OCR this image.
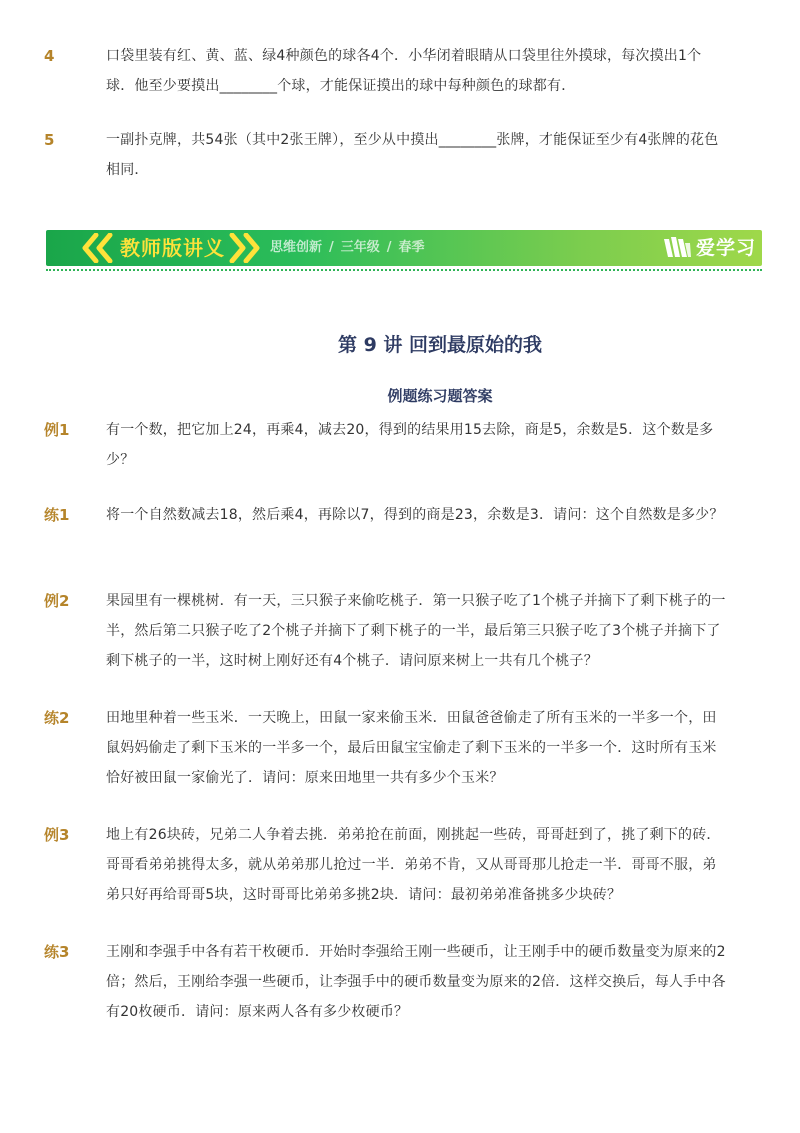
4	口袋里装有红、黄、蓝、绿4种颜色的球各4个．小华闭着眼睛从口袋里往外摸球，每次摸出1个球．他至少要摸出________个球，才能保证摸出的球中每种颜色的球都有．
5	一副扑克牌，共54张（其中2张王牌），至少从中摸出________张牌，才能保证至少有4张牌的花色相同．
教师版讲义	思维创新 / 三年级 / 春季	爱学习
第 9 讲 回到最原始的我
例题练习题答案
例1	有一个数，把它加上24，再乘4，减去20，得到的结果用15去除，商是5，余数是5．这个数是多少？
练1	将一个自然数减去18，然后乘4，再除以7，得到的商是23，余数是3．请问：这个自然数是多少？
例2	果园里有一棵桃树．有一天，三只猴子来偷吃桃子．第一只猴子吃了1个桃子并摘下了剩下桃子的一半，然后第二只猴子吃了2个桃子并摘下了剩下桃子的一半，最后第三只猴子吃了3个桃子并摘下了剩下桃子的一半，这时树上刚好还有4个桃子．请问原来树上一共有几个桃子？
练2	田地里种着一些玉米．一天晚上，田鼠一家来偷玉米．田鼠爸爸偷走了所有玉米的一半多一个，田鼠妈妈偷走了剩下玉米的一半多一个，最后田鼠宝宝偷走了剩下玉米的一半多一个．这时所有玉米恰好被田鼠一家偷光了．请问：原来田地里一共有多少个玉米？
例3	地上有26块砖，兄弟二人争着去挑．弟弟抢在前面，刚挑起一些砖，哥哥赶到了，挑了剩下的砖．哥哥看弟弟挑得太多，就从弟弟那儿抢过一半．弟弟不肯，又从哥哥那儿抢走一半．哥哥不服，弟弟只好再给哥哥5块，这时哥哥比弟弟多挑2块．请问：最初弟弟准备挑多少块砖？
练3	王刚和李强手中各有若干枚硬币．开始时李强给王刚一些硬币，让王刚手中的硬币数量变为原来的2倍；然后，王刚给李强一些硬币，让李强手中的硬币数量变为原来的2倍．这样交换后，每人手中各有20枚硬币．请问：原来两人各有多少枚硬币？
